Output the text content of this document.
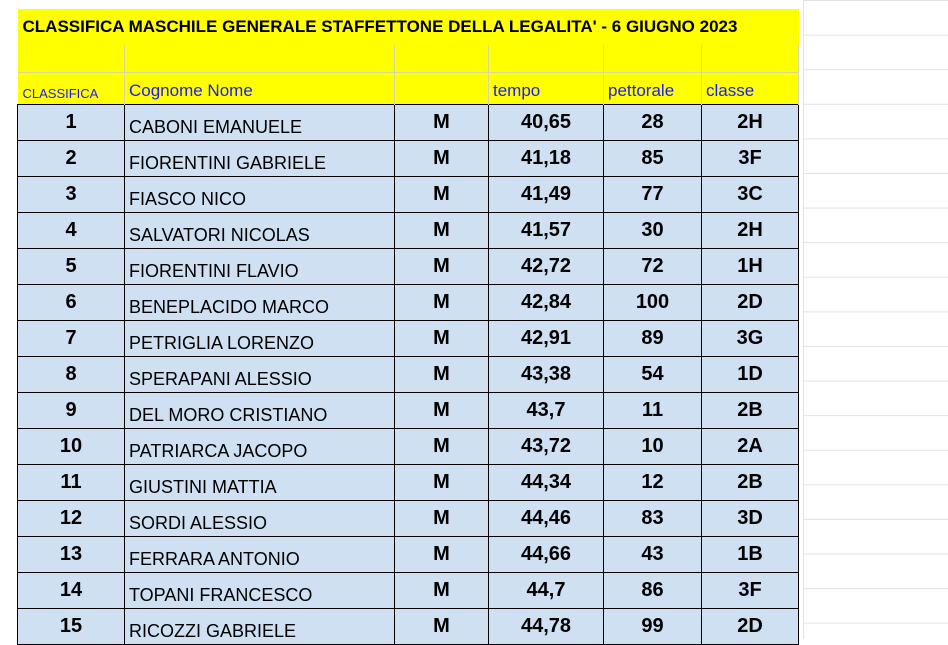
CLASSIFICA MASCHILE GENERALE STAFFETTONE DELLA LEGALITA' - 6 GIUGNO 2023					

CLASSIFICA	Cognome Nome		tempo	pettorale	classe
1	CABONI EMANUELE	M	40,65	28	2H
2	FIORENTINI GABRIELE	M	41,18	85	3F
3	FIASCO NICO	M	41,49	77	3C
4	SALVATORI NICOLAS	M	41,57	30	2H
5	FIORENTINI FLAVIO	M	42,72	72	1H
6	BENEPLACIDO MARCO	M	42,84	100	2D
7	PETRIGLIA LORENZO	M	42,91	89	3G
8	SPERAPANI ALESSIO	M	43,38	54	1D
9	DEL MORO CRISTIANO	M	43,7	11	2B
10	PATRIARCA JACOPO	M	43,72	10	2A
11	GIUSTINI MATTIA	M	44,34	12	2B
12	SORDI ALESSIO	M	44,46	83	3D
13	FERRARA ANTONIO	M	44,66	43	1B
14	TOPANI FRANCESCO	M	44,7	86	3F
15	RICOZZI GABRIELE	M	44,78	99	2D
